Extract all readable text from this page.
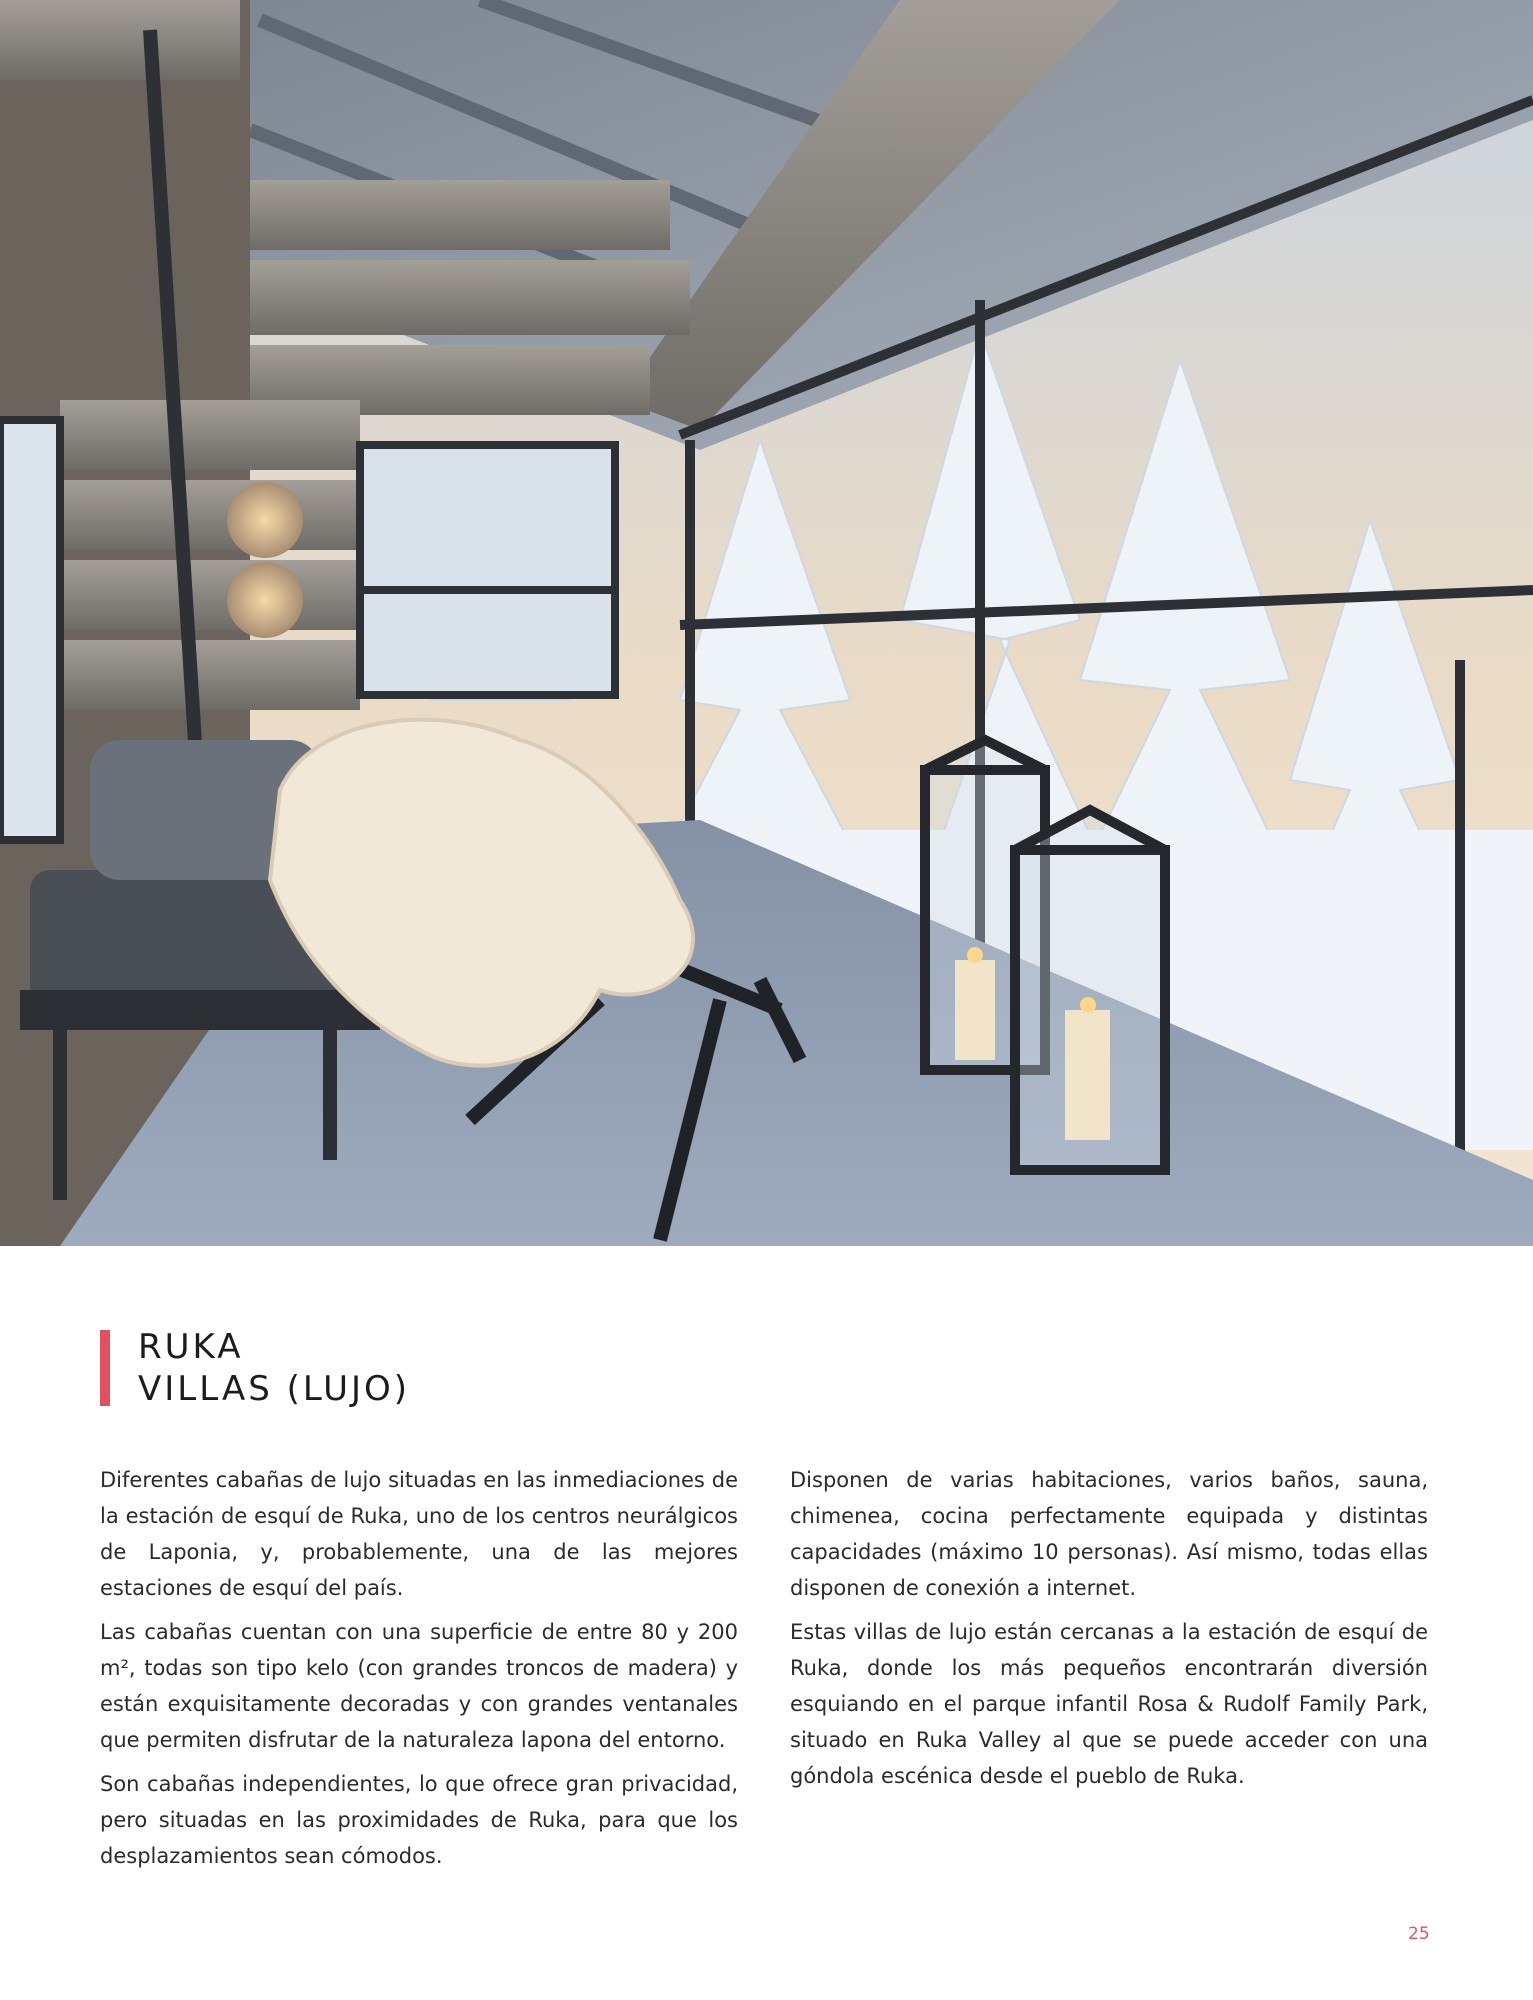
RUKA
VILLAS (LUJO)

Diferentes cabañas de lujo situadas en las inmediaciones de la estación de esquí de Ruka, uno de los centros neurálgicos de Laponia, y, probablemente, una de las mejores estaciones de esquí del país.

Las cabañas cuentan con una superficie de entre 80 y 200 m², todas son tipo kelo (con grandes troncos de madera) y están exquisitamente decoradas y con grandes ventanales que permiten disfrutar de la naturaleza lapona del entorno.

Son cabañas independientes, lo que ofrece gran privacidad, pero situadas en las proximidades de Ruka, para que los desplazamientos sean cómodos.

Disponen de varias habitaciones, varios baños, sauna, chimenea, cocina perfectamente equipada y distintas capacidades (máximo 10 personas). Así mismo, todas ellas disponen de conexión a internet.

Estas villas de lujo están cercanas a la estación de esquí de Ruka, donde los más pequeños encontrarán diversión esquiando en el parque infantil Rosa & Rudolf Family Park, situado en Ruka Valley al que se puede acceder con una góndola escénica desde el pueblo de Ruka.

25
